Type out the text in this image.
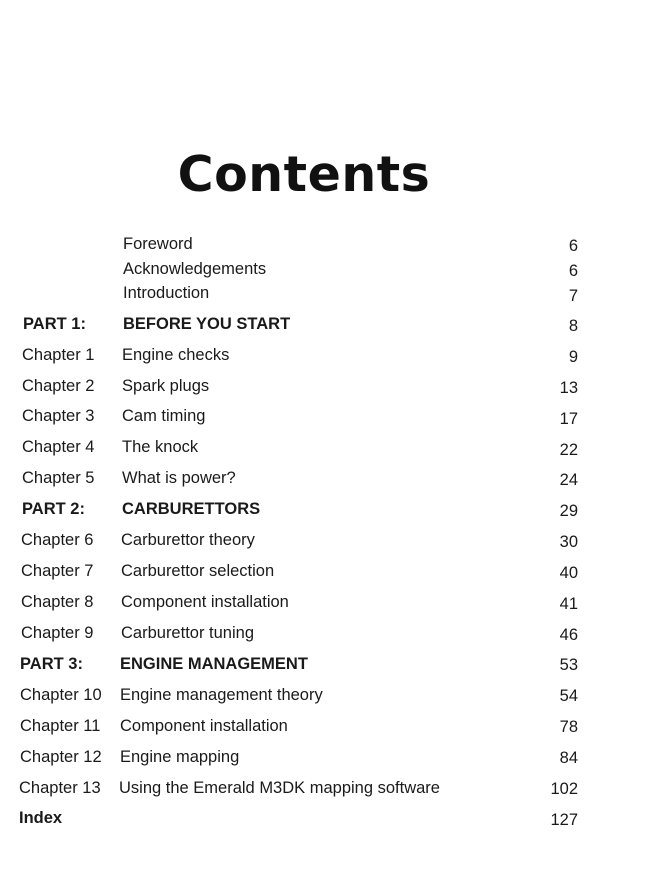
Contents
Foreword	6
Acknowledgements	6
Introduction	7
PART 1: BEFORE YOU START	8
Chapter 1 Engine checks	9
Chapter 2 Spark plugs	13
Chapter 3 Cam timing	17
Chapter 4 The knock	22
Chapter 5 What is power?	24
PART 2: CARBURETTORS	29
Chapter 6 Carburettor theory	30
Chapter 7 Carburettor selection	40
Chapter 8 Component installation	41
Chapter 9 Carburettor tuning	46
PART 3: ENGINE MANAGEMENT	53
Chapter 10 Engine management theory	54
Chapter 11 Component installation	78
Chapter 12 Engine mapping	84
Chapter 13 Using the Emerald M3DK mapping software	102
Index	127
